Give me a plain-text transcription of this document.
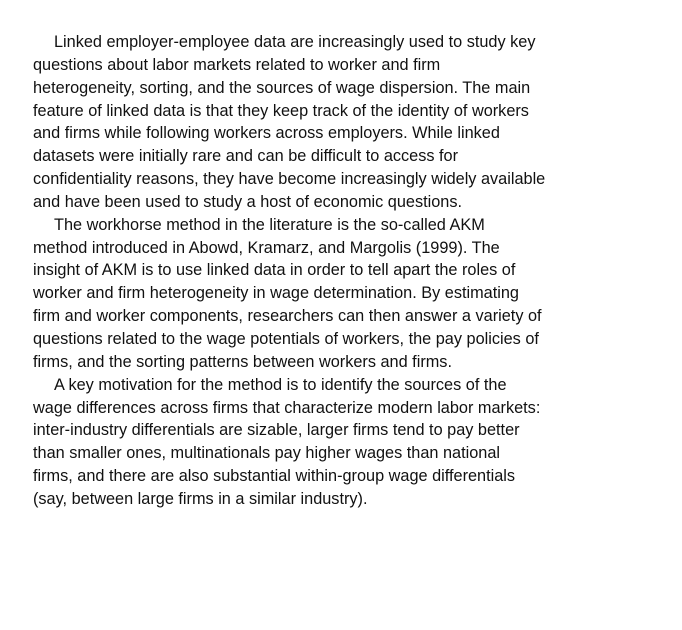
Linked employer-employee data are increasingly used to study key
questions about labor markets related to worker and firm
heterogeneity, sorting, and the sources of wage dispersion. The main
feature of linked data is that they keep track of the identity of workers
and firms while following workers across employers. While linked
datasets were initially rare and can be difficult to access for
confidentiality reasons, they have become increasingly widely available
and have been used to study a host of economic questions.
The workhorse method in the literature is the so-called AKM
method introduced in Abowd, Kramarz, and Margolis (1999). The
insight of AKM is to use linked data in order to tell apart the roles of
worker and firm heterogeneity in wage determination. By estimating
firm and worker components, researchers can then answer a variety of
questions related to the wage potentials of workers, the pay policies of
firms, and the sorting patterns between workers and firms.
A key motivation for the method is to identify the sources of the
wage differences across firms that characterize modern labor markets:
inter-industry differentials are sizable, larger firms tend to pay better
than smaller ones, multinationals pay higher wages than national
firms, and there are also substantial within-group wage differentials
(say, between large firms in a similar industry).
